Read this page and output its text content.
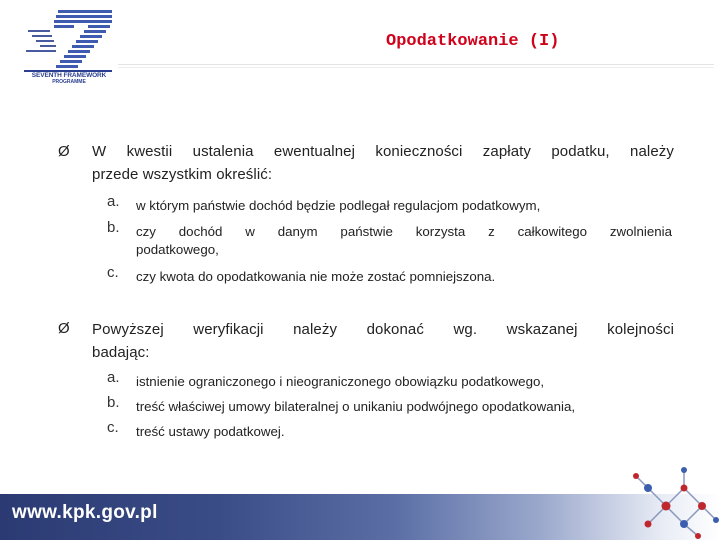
SEVENTH FRAMEWORK
PROGRAMME
Opodatkowanie (I)
Ø W kwestii ustalenia ewentualnej konieczności zapłaty podatku, należy
przede wszystkim określić:
a. w którym państwie dochód będzie podlegał regulacjom podatkowym,
b. czy dochód w danym państwie korzysta z całkowitego zwolnienia
podatkowego,
c. czy kwota do opodatkowania nie może zostać pomniejszona.
Ø Powyższej weryfikacji należy dokonać wg. wskazanej kolejności
badając:
a. istnienie ograniczonego i nieograniczonego obowiązku podatkowego,
b. treść właściwej umowy bilateralnej o unikaniu podwójnego opodatkowania,
c. treść ustawy podatkowej.
www.kpk.gov.pl
